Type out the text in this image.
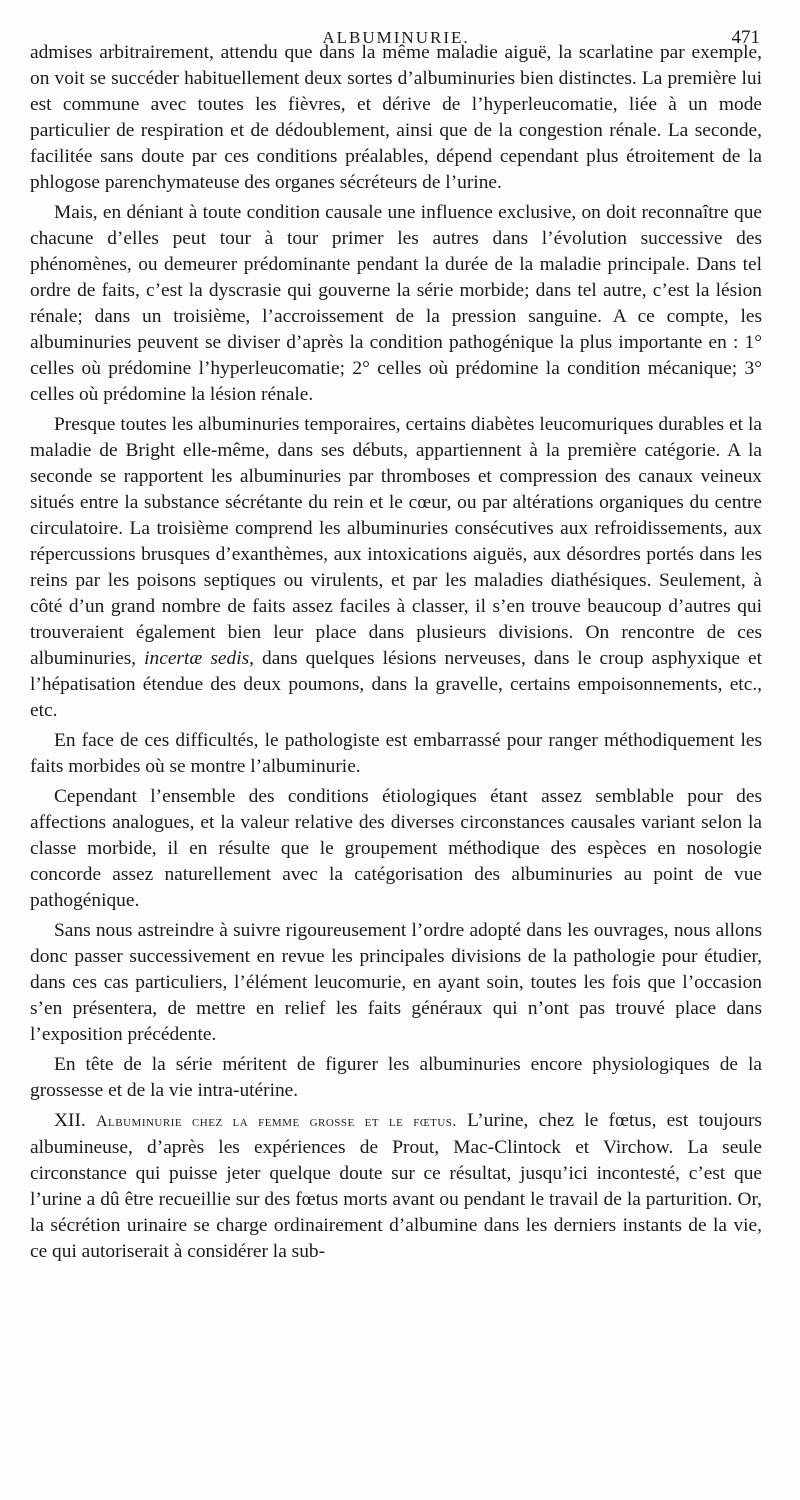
ALBUMINURIE.	471

admises arbitrairement, attendu que dans la même maladie aiguë, la scarlatine par exemple, on voit se succéder habituellement deux sortes d’albuminuries bien distinctes. La première lui est commune avec toutes les fièvres, et dérive de l’hyperleucomatie, liée à un mode particulier de respiration et de dédoublement, ainsi que de la congestion rénale. La seconde, facilitée sans doute par ces conditions préalables, dépend cependant plus étroitement de la phlogose parenchymateuse des organes sécréteurs de l’urine.

Mais, en déniant à toute condition causale une influence exclusive, on doit reconnaître que chacune d’elles peut tour à tour primer les autres dans l’évolution successive des phénomènes, ou demeurer prédominante pendant la durée de la maladie principale. Dans tel ordre de faits, c’est la dyscrasie qui gouverne la série morbide; dans tel autre, c’est la lésion rénale; dans un troisième, l’accroissement de la pression sanguine. A ce compte, les albuminuries peuvent se diviser d’après la condition pathogénique la plus importante en : 1° celles où prédomine l’hyperleucomatie; 2° celles où prédomine la condition mécanique; 3° celles où prédomine la lésion rénale.

Presque toutes les albuminuries temporaires, certains diabètes leucomuriques durables et la maladie de Bright elle-même, dans ses débuts, appartiennent à la première catégorie. A la seconde se rapportent les albuminuries par thromboses et compression des canaux veineux situés entre la substance sécrétante du rein et le cœur, ou par altérations organiques du centre circulatoire. La troisième comprend les albuminuries consécutives aux refroidissements, aux répercussions brusques d’exanthèmes, aux intoxications aiguës, aux désordres portés dans les reins par les poisons septiques ou virulents, et par les maladies diathésiques. Seulement, à côté d’un grand nombre de faits assez faciles à classer, il s’en trouve beaucoup d’autres qui trouveraient également bien leur place dans plusieurs divisions. On rencontre de ces albuminuries, incertæ sedis, dans quelques lésions nerveuses, dans le croup asphyxique et l’hépatisation étendue des deux poumons, dans la gravelle, certains empoisonnements, etc., etc.

En face de ces difficultés, le pathologiste est embarrassé pour ranger méthodiquement les faits morbides où se montre l’albuminurie.

Cependant l’ensemble des conditions étiologiques étant assez semblable pour des affections analogues, et la valeur relative des diverses circonstances causales variant selon la classe morbide, il en résulte que le groupement méthodique des espèces en nosologie concorde assez naturellement avec la catégorisation des albuminuries au point de vue pathogénique.

Sans nous astreindre à suivre rigoureusement l’ordre adopté dans les ouvrages, nous allons donc passer successivement en revue les principales divisions de la pathologie pour étudier, dans ces cas particuliers, l’élément leucomurie, en ayant soin, toutes les fois que l’occasion s’en présentera, de mettre en relief les faits généraux qui n’ont pas trouvé place dans l’exposition précédente.

En tête de la série méritent de figurer les albuminuries encore physiologiques de la grossesse et de la vie intra-utérine.

XII. Albuminurie chez la femme grosse et le fœtus. L’urine, chez le fœtus, est toujours albumineuse, d’après les expériences de Prout, Mac-Clintock et Virchow. La seule circonstance qui puisse jeter quelque doute sur ce résultat, jusqu’ici incontesté, c’est que l’urine a dû être recueillie sur des fœtus morts avant ou pendant le travail de la parturition. Or, la sécrétion urinaire se charge ordinairement d’albumine dans les derniers instants de la vie, ce qui autoriserait à considérer la sub-
